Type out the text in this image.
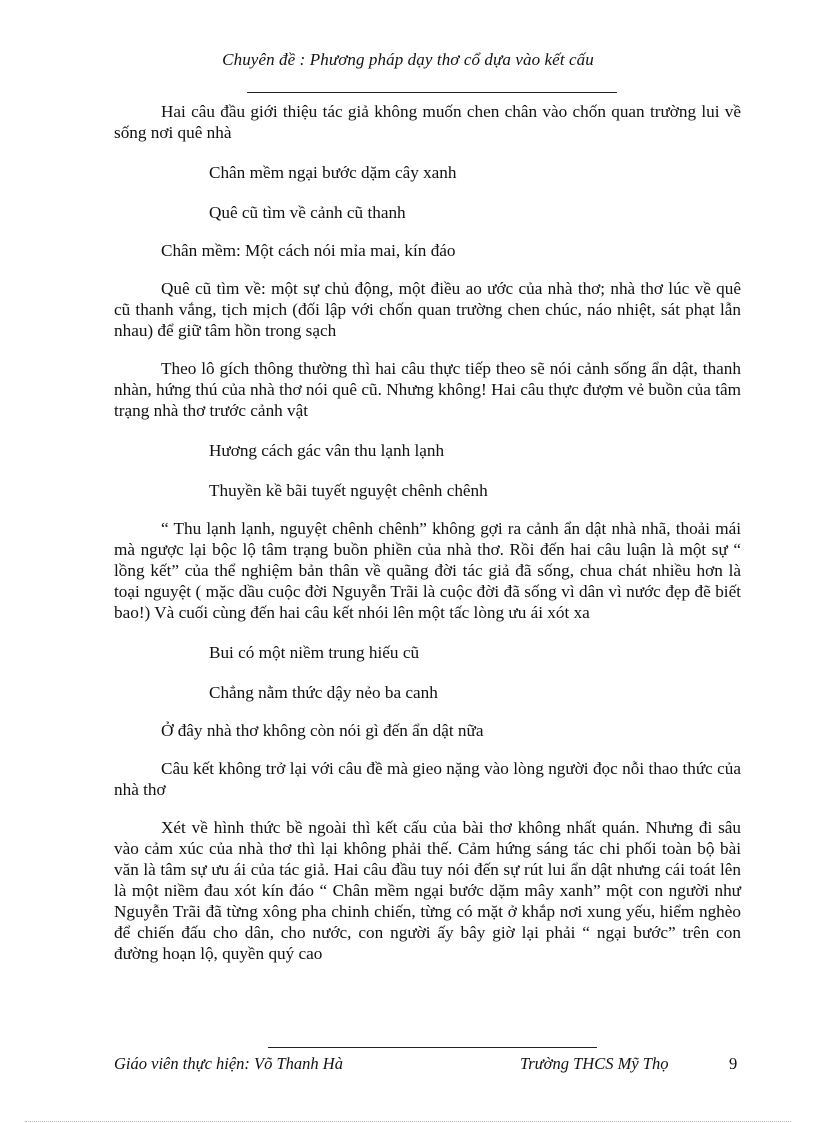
Chuyên đề : Phương pháp dạy thơ cổ dựa vào kết cấu

Hai câu đầu giới thiệu tác giả không muốn chen chân vào chốn quan trường lui về sống nơi quê nhà

Chân mềm ngại bước dặm cây xanh

Quê cũ tìm về cảnh cũ thanh

Chân mềm: Một cách nói mỉa mai, kín đáo

Quê cũ tìm về: một sự chủ động, một điều ao ước của nhà thơ; nhà thơ lúc về quê cũ thanh vắng, tịch mịch (đối lập với chốn quan trường chen chúc, náo nhiệt, sát phạt lẫn nhau) để giữ tâm hồn trong sạch

Theo lô gích thông thường thì hai câu thực tiếp theo sẽ nói cảnh sống ẩn dật, thanh nhàn, hứng thú của nhà thơ nói quê cũ. Nhưng không! Hai câu thực đượm vẻ buồn của tâm trạng nhà thơ trước cảnh vật

Hương cách gác vân thu lạnh lạnh

Thuyền kề bãi tuyết nguyệt chênh chênh

“ Thu lạnh lạnh, nguyệt chênh chênh” không gợi ra cảnh ẩn dật nhà nhã, thoải mái mà ngược lại bộc lộ tâm trạng buồn phiền của nhà thơ. Rồi đến hai câu luận là một sự “ lồng kết” của thể nghiệm bản thân về quãng đời tác giả đã sống, chua chát nhiều hơn là toại nguyệt ( mặc dầu cuộc đời Nguyễn Trãi là cuộc đời đã sống vì dân vì nước đẹp đẽ biết bao!) Và cuối cùng đến hai câu kết nhói lên một tấc lòng ưu ái xót xa

Bui có một niềm trung hiếu cũ

Chẳng nằm thức dậy nẻo ba canh

Ở đây nhà thơ không còn nói gì đến ẩn dật nữa

Câu kết không trở lại với câu đề mà gieo nặng vào lòng người đọc nỗi thao thức của nhà thơ

Xét về hình thức bề ngoài thì kết cấu của bài thơ không nhất quán. Nhưng đi sâu vào cảm xúc của nhà thơ thì lại không phải thế. Cảm hứng sáng tác chi phối toàn bộ bài văn là tâm sự ưu ái của tác giả. Hai câu đầu tuy nói đến sự rút lui ẩn dật nhưng cái toát lên là một niềm đau xót kín đáo “ Chân mềm ngại bước dặm mây xanh” một con người như Nguyễn Trãi đã từng xông pha chinh chiến, từng có mặt ở khắp nơi xung yếu, hiểm nghèo để chiến đấu cho dân, cho nước, con người ấy bây giờ lại phải “ ngại bước” trên con đường hoạn lộ, quyền quý cao

Giáo viên thực hiện: Võ Thanh Hà	Trường THCS Mỹ Thọ	9
